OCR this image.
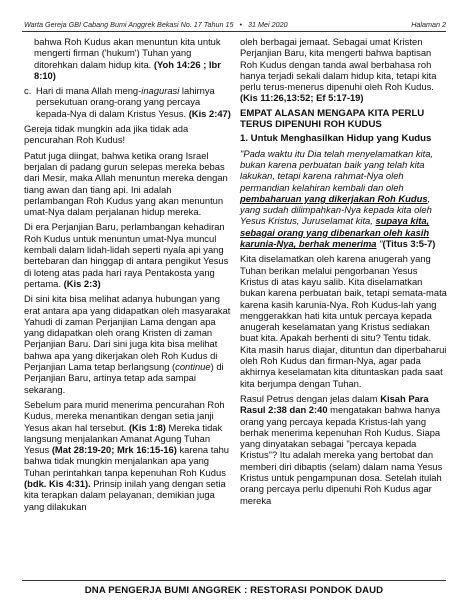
Warta Gereja GBI Cabang Bumi Anggrek Bekasi No. 17 Tahun 15 • 31 Mei 2020	Halaman 2

bahwa Roh Kudus akan menuntun kita untuk mengerti firman ('hukum') Tuhan yang ditorehkan dalam hidup kita. (Yoh 14:26 ; Ibr 8:10)

c. Hari di mana Allah meng-inagurasi lahirnya persekutuan orang-orang yang percaya kepada-Nya di dalam Kristus Yesus. (Kis 2:47)

Gereja tidak mungkin ada jika tidak ada pencurahan Roh Kudus!

Patut juga diingat, bahwa ketika orang Israel berjalan di padang gurun selepas mereka bebas dari Mesir, maka Allah menuntun mereka dengan tiang awan dan tiang api. Ini adalah perlambangan Roh Kudus yang akan menuntun umat-Nya dalam perjalanan hidup mereka.

Di era Perjanjian Baru, perlambangan kehadiran Roh Kudus untuk menuntun umat-Nya muncul kembali dalam lidah-lidah seperti nyala api yang bertebaran dan hinggap di antara pengikut Yesus di loteng atas pada hari raya Pentakosta yang pertama. (Kis 2:3)

Di sini kita bisa melihat adanya hubungan yang erat antara apa yang didapatkan oleh masyarakat Yahudi di zaman Perjanjian Lama dengan apa yang didapatkan oleh orang Kristen di zaman Perjanjian Baru. Dari sini juga kita bisa melihat bahwa apa yang dikerjakan oleh Roh Kudus di Perjanjian Lama tetap berlangsung (continue) di Perjanjian Baru, artinya tetap ada sampai sekarang.

Sebelum para murid menerima pencurahan Roh Kudus, mereka menantikan dengan setia janji Yesus akan hal tersebut. (Kis 1:8) Mereka tidak langsung menjalankan Amanat Agung Tuhan Yesus (Mat 28:19-20; Mrk 16:15-16) karena tahu bahwa tidak mungkin menjalankan apa yang Tuhan perintahkan tanpa kepenuhan Roh Kudus (bdk. Kis 4:31). Prinsip inilah yang dengan setia kita terapkan dalam pelayanan, demikian juga yang dilakukan

oleh berbagai jemaat. Sebagai umat Kristen Perjanjian Baru, kita mengerti bahwa baptisan Roh Kudus dengan tanda awal berbahasa roh hanya terjadi sekali dalam hidup kita, tetapi kita perlu terus-menerus dipenuhi oleh Roh Kudus. (Kis 11:26,13:52; Ef 5:17-19)

EMPAT ALASAN MENGAPA KITA PERLU TERUS DIPENUHI ROH KUDUS
1. Untuk Menghasilkan Hidup yang Kudus

"Pada waktu itu Dia telah menyelamatkan kita, bukan karena perbuatan baik yang telah kita lakukan, tetapi karena rahmat-Nya oleh permandian kelahiran kembali dan oleh pembaharuan yang dikerjakan Roh Kudus, yang sudah dilimpahkan-Nya kepada kita oleh Yesus Kristus, Juruselamat kita, supaya kita, sebagai orang yang dibenarkan oleh kasih karunia-Nya, berhak menerima "(Titus 3:5-7)

Kita diselamatkan oleh karena anugerah yang Tuhan berikan melalui pengorbanan Yesus Kristus di atas kayu salib. Kita diselamatkan bukan karena perbuatan baik, tetapi semata-mata karena kasih karunia-Nya. Roh Kudus-lah yang menggerakkan hati kita untuk percaya kepada anugerah keselamatan yang Kristus sediakan buat kita. Apakah berhenti di situ? Tentu tidak. Kita masih harus diajar, dituntun dan diperbaharui oleh Roh Kudus dan firman-Nya, agar pada akhirnya keselamatan kita dituntaskan pada saat kita berjumpa dengan Tuhan.

Rasul Petrus dengan jelas dalam Kisah Para Rasul 2:38 dan 2:40 mengatakan bahwa hanya orang yang percaya kepada Kristus-lah yang berhak menerima kepenuhan Roh Kudus. Siapa yang dinyatakan sebagai "percaya kepada Kristus"? Itu adalah mereka yang bertobat dan memberi diri dibaptis (selam) dalam nama Yesus Kristus untuk pengampunan dosa. Setelah itulah orang percaya perlu dipenuhi Roh Kudus agar mereka

DNA PENGERJA BUMI ANGGREK : RESTORASI PONDOK DAUD
